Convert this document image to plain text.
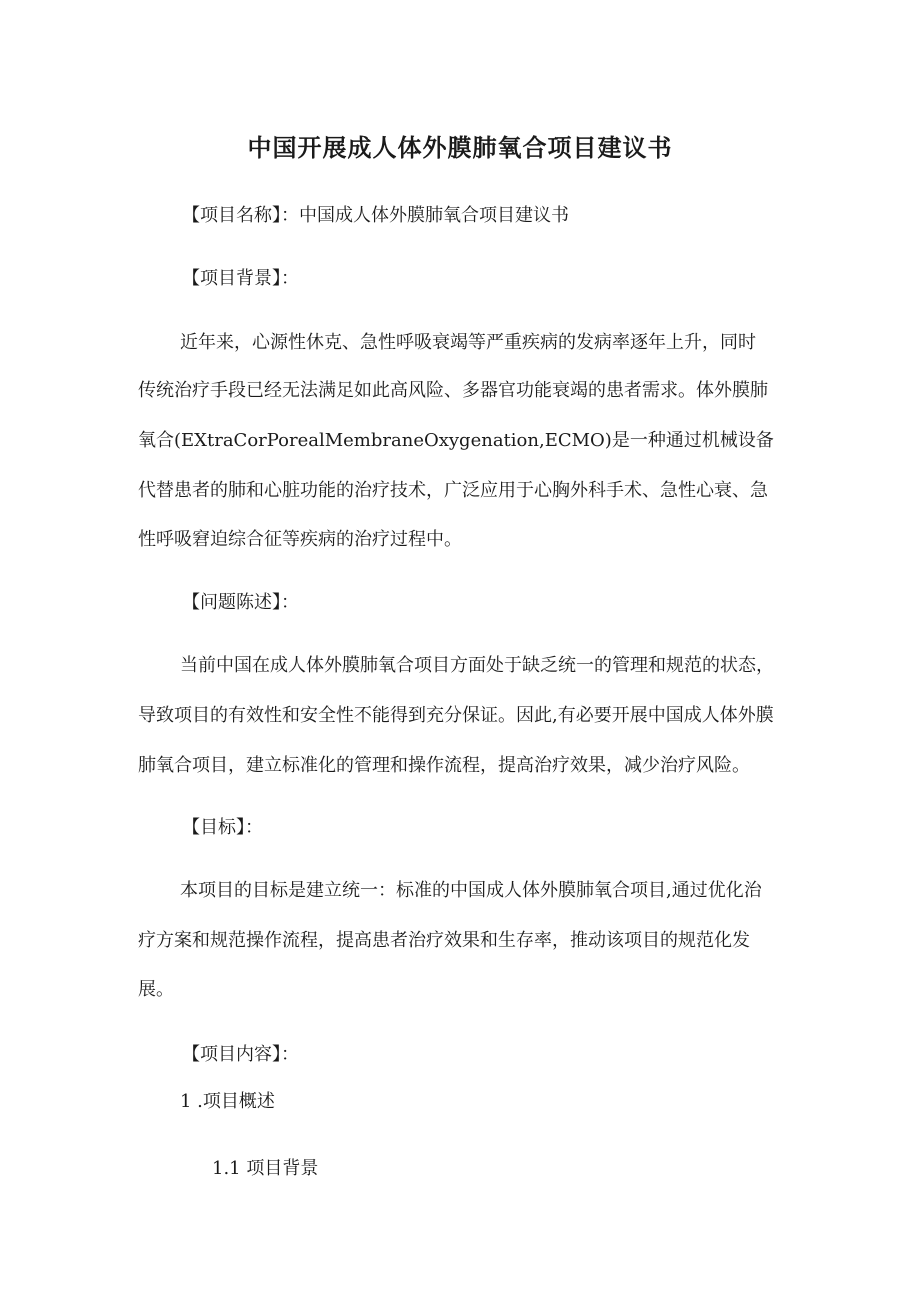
中国开展成人体外膜肺氧合项目建议书
【项目名称】：中国成人体外膜肺氧合项目建议书
【项目背景】：
近年来，心源性休克、急性呼吸衰竭等严重疾病的发病率逐年上升，同时
传统治疗手段已经无法满足如此高风险、多器官功能衰竭的患者需求。体外膜肺
氧合(EXtraCorPorealMembraneOxygenation,ECMO)是一种通过机械设备
代替患者的肺和心脏功能的治疗技术，广泛应用于心胸外科手术、急性心衰、急
性呼吸窘迫综合征等疾病的治疗过程中。
【问题陈述】：
当前中国在成人体外膜肺氧合项目方面处于缺乏统一的管理和规范的状态，
导致项目的有效性和安全性不能得到充分保证。因此,有必要开展中国成人体外膜
肺氧合项目，建立标准化的管理和操作流程，提高治疗效果，减少治疗风险。
【目标】：
本项目的目标是建立统一：标准的中国成人体外膜肺氧合项目,通过优化治
疗方案和规范操作流程，提高患者治疗效果和生存率，推动该项目的规范化发
展。
【项目内容】：
1 .项目概述
1.1 项目背景
